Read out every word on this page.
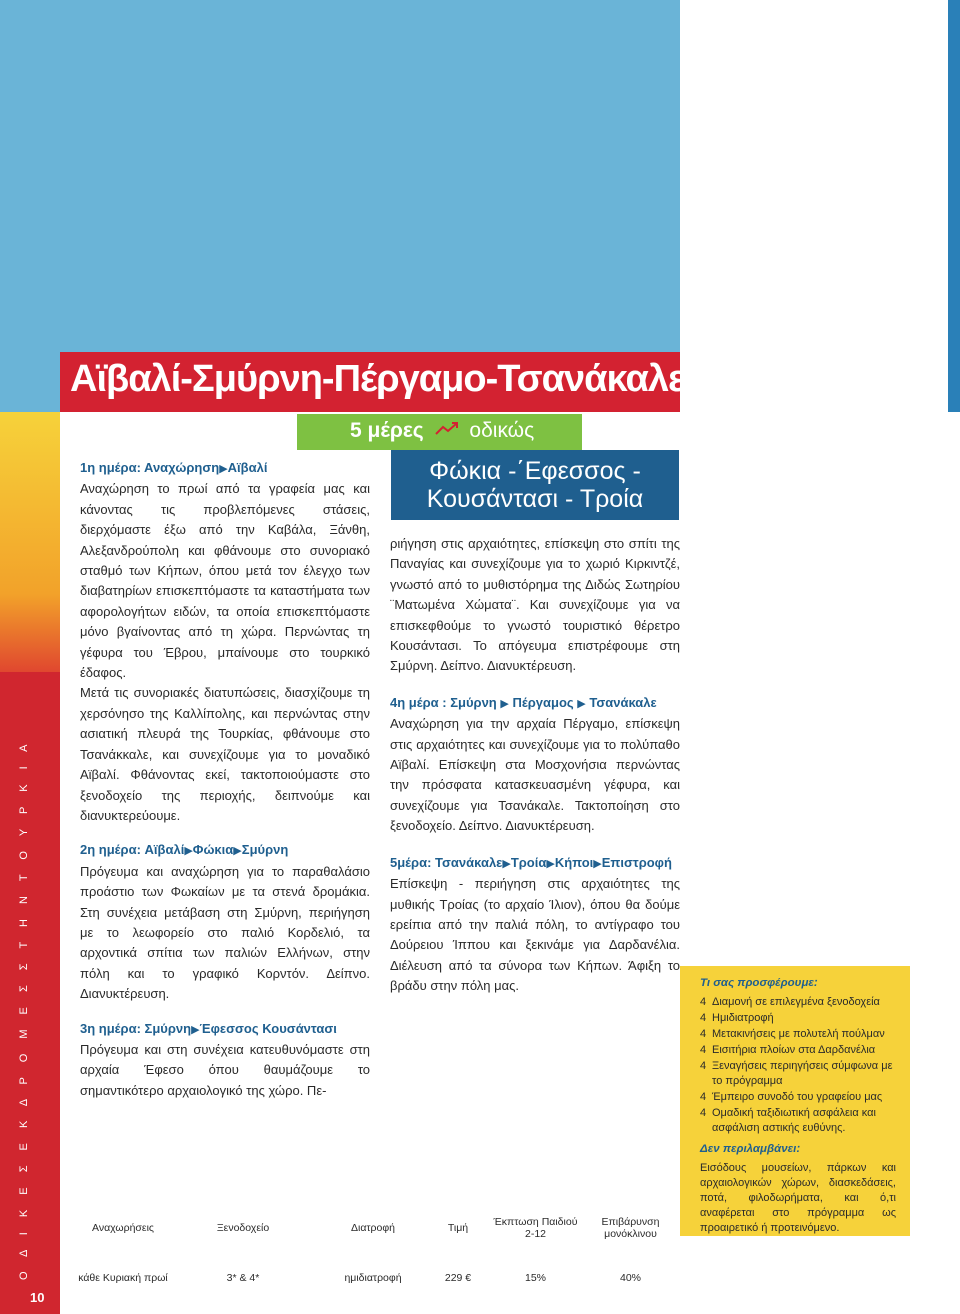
Αϊβαλί-Σμύρνη-Πέργαμο-Τσανάκαλε
5 μέρες οδικώς
Φώκια -΄Εφεσσος -
Κουσάντασι - Τροία

1η ημέρα: Αναχώρηση▶Αϊβαλί

Αναχώρηση το πρωί από τα γραφεία μας και κάνοντας τις προβλεπόμενες στάσεις, διερχόμαστε έξω από την Καβάλα, Ξάνθη, Αλεξανδρούπολη και φθάνουμε στο συνοριακό σταθμό των Κήπων, όπου μετά τον έλεγχο των διαβατηρίων επισκεπτόμαστε τα καταστήματα των αφορολογήτων ειδών, τα οποία επισκεπτόμαστε μόνο βγαίνοντας από τη χώρα. Περνώντας τη γέφυρα του Έβρου, μπαίνουμε στο τουρκικό έδαφος.

Μετά τις συνοριακές διατυπώσεις, διασχίζουμε τη χερσόνησο της Καλλίπολης, και περνώντας στην ασιατική πλευρά της Τουρκίας, φθάνουμε στο Τσανάκκαλε, και συνεχίζουμε για το μοναδικό Αϊβαλί. Φθάνοντας εκεί, τακτοποιούμαστε στο ξενοδοχείο της περιοχής, δειπνούμε και διανυκτερεύουμε.

2η ημέρα: Αϊβαλί▶Φώκια▶Σμύρνη

Πρόγευμα και αναχώρηση για το παραθαλάσιο προάστιο των Φωκαίων με τα στενά δρομάκια. Στη συνέχεια μετάβαση στη Σμύρνη, περιήγηση με το λεωφορείο στο παλιό Κορδελιό, τα αρχοντικά σπίτια των παλιών Ελλήνων, στην πόλη και το γραφικό Κορντόν. Δείπνο. Διανυκτέρευση.

3η ημέρα: Σμύρνη▶Έφεσσος Κουσάντασι

Πρόγευμα και στη συνέχεια κατευθυνόμαστε στη αρχαία Έφεσο όπου θαυμάζουμε το σημαντικότερο αρχαιολογικό της χώρο. Πε-

ριήγηση στις αρχαιότητες, επίσκεψη στο σπίτι της Παναγίας και συνεχίζουμε για το χωριό Κιρκιντζέ, γνωστό από το μυθιστόρημα της Διδώς Σωτηρίου ¨Ματωμένα Χώματα¨. Και συνεχίζουμε για να επισκεφθούμε το γνωστό τουριστικό θέρετρο Κουσάντασι. Το απόγευμα επιστρέφουμε στη Σμύρνη. Δείπνο. Διανυκτέρευση.

4η μέρα : Σμύρνη ▶ Πέργαμος ▶ Τσανάκαλε

Αναχώρηση για την αρχαία Πέργαμο, επίσκεψη στις αρχαιότητες και συνεχίζουμε για το πολύπαθο Αϊβαλί. Επίσκεψη στα Μοσχονήσια περνώντας την πρόσφατα κατασκευασμένη γέφυρα, και συνεχίζουμε για Τσανάκαλε. Τακτοποίηση στο ξενοδοχείο. Δείπνο. Διανυκτέρευση.

5μέρα: Τσανάκαλε▶Τροία▶Κήποι▶Επιστροφή

Επίσκεψη - περιήγηση στις αρχαιότητες της μυθικής Τροίας (το αρχαίο Ίλιον), όπου θα δούμε ερείπια από την παλιά πόλη, το αντίγραφο του Δούρειου Ίππου και ξεκινάμε για Δαρδανέλια. Διέλευση από τα σύνορα των Κήπων. Άφιξη το βράδυ στην πόλη μας.

Ο Δ Ι Κ Ε Σ Ε Κ Δ Ρ Ο Μ Ε Σ Σ Τ Η Ν Τ Ο Υ Ρ Κ Ι Α
10
Τι σας προσφέρουμε:
4 Διαμονή σε επιλεγμένα ξενοδοχεία
4 Ημιδιατροφή
4 Μετακινήσεις με πολυτελή πούλμαν
4 Εισιτήρια πλοίων στα Δαρδανέλια
4 Ξεναγήσεις περιηγήσεις σύμφωνα με το πρόγραμμα
4 Έμπειρο συνοδό του γραφείου μας
4 Ομαδική ταξιδιωτική ασφάλεια και ασφάλιση αστικής ευθύνης.
Δεν περιλαμβάνει:
Εισόδους μουσείων, πάρκων και αρχαιολογικών χώρων, διασκεδάσεις, ποτά, φιλοδωρήματα, και ό,τι αναφέρεται στο πρόγραμμα ως προαιρετικό ή προτεινόμενο.
Αναχωρήσεις	Ξενοδοχείο	Διατροφή	Τιμή	Έκπτωση Παιδιού 2-12	Επιβάρυνση μονόκλινου

κάθε Κυριακή πρωί	3* & 4*	ημιδιατροφή	229 €	15%	40%
